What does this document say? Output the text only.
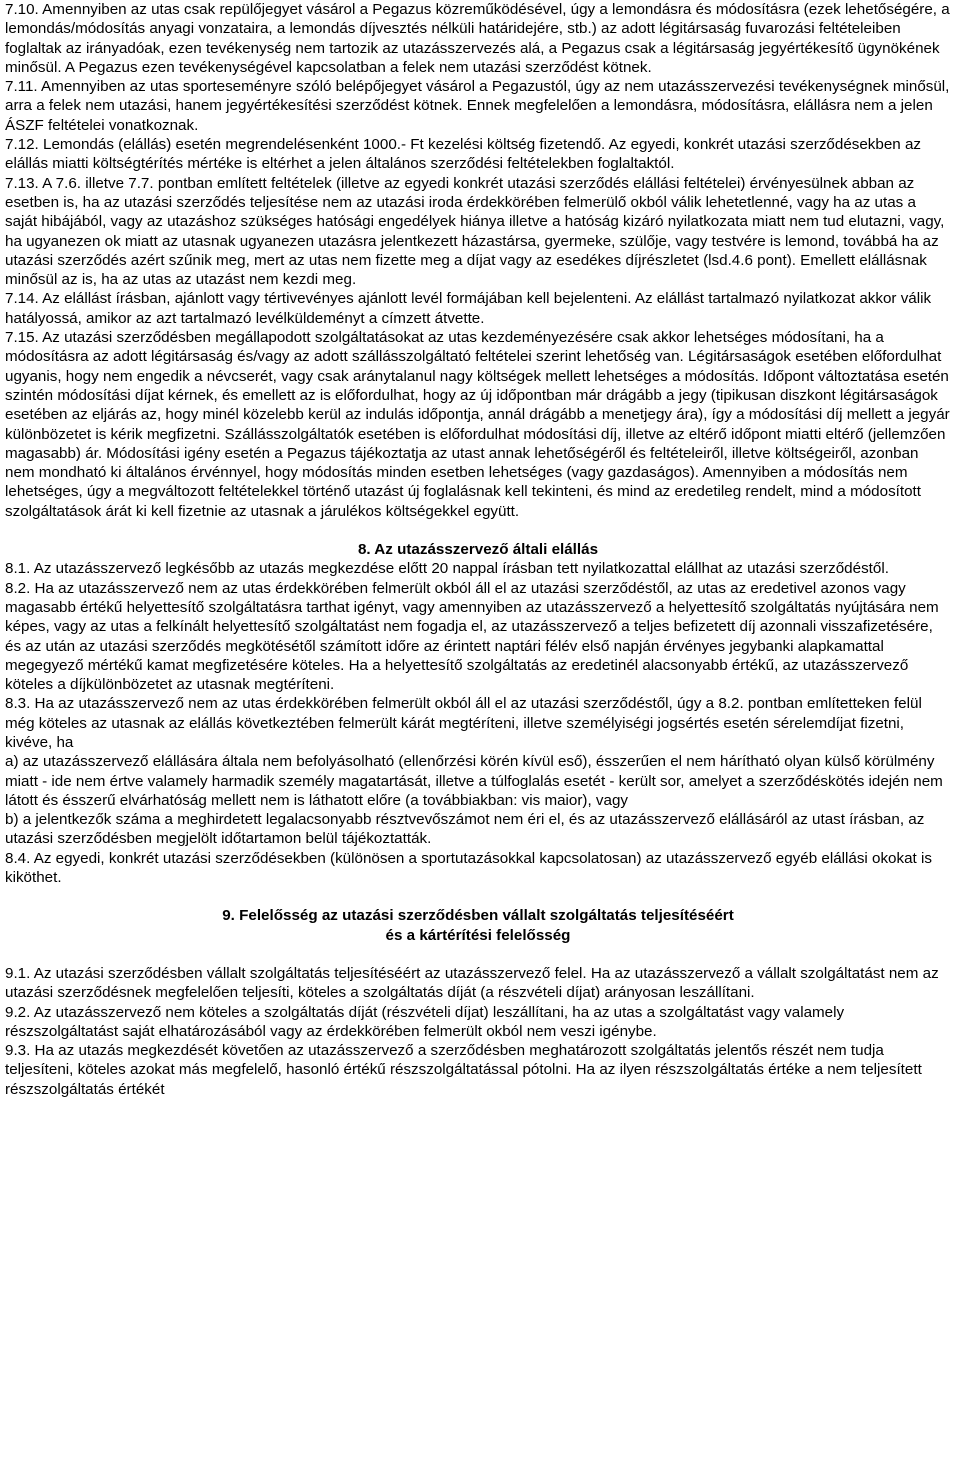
7.10. Amennyiben az utas csak repülőjegyet vásárol a Pegazus közreműködésével, úgy a lemondásra és módosításra (ezek lehetőségére, a lemondás/módosítás anyagi vonzataira, a lemondás díjvesztés nélküli határidejére, stb.) az adott légitársaság fuvarozási feltételeiben foglaltak az irányadóak, ezen tevékenység nem tartozik az utazásszervezés alá, a Pegazus csak a légitársaság jegyértékesítő ügynökének minősül. A Pegazus ezen tevékenységével kapcsolatban a felek nem utazási szerződést kötnek.

7.11. Amennyiben az utas sporteseményre szóló belépőjegyet vásárol a Pegazustól, úgy az nem utazásszervezési tevékenységnek minősül, arra a felek nem utazási, hanem jegyértékesítési szerződést kötnek. Ennek megfelelően a lemondásra, módosításra, elállásra nem a jelen ÁSZF feltételei vonatkoznak.

7.12. Lemondás (elállás) esetén megrendelésenként 1000.- Ft kezelési költség fizetendő. Az egyedi, konkrét utazási szerződésekben az elállás miatti költségtérítés mértéke is eltérhet a jelen általános szerződési feltételekben foglaltaktól.

7.13. A 7.6. illetve 7.7. pontban említett feltételek (illetve az egyedi konkrét utazási szerződés elállási feltételei) érvényesülnek abban az esetben is, ha az utazási szerződés teljesítése nem az utazási iroda érdekkörében felmerülő okból válik lehetetlenné, vagy ha az utas a saját hibájából, vagy az utazáshoz szükséges hatósági engedélyek hiánya illetve a hatóság kizáró nyilatkozata miatt nem tud elutazni, vagy, ha ugyanezen ok miatt az utasnak ugyanezen utazásra jelentkezett házastársa, gyermeke, szülője, vagy testvére is lemond, továbbá ha az utazási szerződés azért szűnik meg, mert az utas nem fizette meg a díjat vagy az esedékes díjrészletet (lsd.4.6 pont). Emellett elállásnak minősül az is, ha az utas az utazást nem kezdi meg.

7.14. Az elállást írásban, ajánlott vagy tértivevényes ajánlott levél formájában kell bejelenteni. Az elállást tartalmazó nyilatkozat akkor válik hatályossá, amikor az azt tartalmazó levélküldeményt a címzett átvette.

7.15. Az utazási szerződésben megállapodott szolgáltatásokat az utas kezdeményezésére csak akkor lehetséges módosítani, ha a módosításra az adott légitársaság és/vagy az adott szállásszolgáltató feltételei szerint lehetőség van. Légitársaságok esetében előfordulhat ugyanis, hogy nem engedik a névcserét, vagy csak aránytalanul nagy költségek mellett lehetséges a módosítás. Időpont változtatása esetén szintén módosítási díjat kérnek, és emellett az is előfordulhat, hogy az új időpontban már drágább a jegy (tipikusan diszkont légitársaságok esetében az eljárás az, hogy minél közelebb kerül az indulás időpontja, annál drágább a menetjegy ára), így a módosítási díj mellett a jegyár különbözetet is kérik megfizetni. Szállásszolgáltatók esetében is előfordulhat módosítási díj, illetve az eltérő időpont miatti eltérő (jellemzően magasabb) ár. Módosítási igény esetén a Pegazus tájékoztatja az utast annak lehetőségéről és feltételeiről, illetve költségeiről, azonban nem mondható ki általános érvénnyel, hogy módosítás minden esetben lehetséges (vagy gazdaságos). Amennyiben a módosítás nem lehetséges, úgy a megváltozott feltételekkel történő utazást új foglalásnak kell tekinteni, és mind az eredetileg rendelt, mind a módosított szolgáltatások árát ki kell fizetnie az utasnak a járulékos költségekkel együtt.

8. Az utazásszervező általi elállás

8.1. Az utazásszervező legkésőbb az utazás megkezdése előtt 20 nappal írásban tett nyilatkozattal elállhat az utazási szerződéstől.

8.2. Ha az utazásszervező nem az utas érdekkörében felmerült okból áll el az utazási szerződéstől, az utas az eredetivel azonos vagy magasabb értékű helyettesítő szolgáltatásra tarthat igényt, vagy amennyiben az utazásszervező a helyettesítő szolgáltatás nyújtására nem képes, vagy az utas a felkínált helyettesítő szolgáltatást nem fogadja el, az utazásszervező a teljes befizetett díj azonnali visszafizetésére, és az után az utazási szerződés megkötésétől számított időre az érintett naptári félév első napján érvényes jegybanki alapkamattal megegyező mértékű kamat megfizetésére köteles. Ha a helyettesítő szolgáltatás az eredetinél alacsonyabb értékű, az utazásszervező köteles a díjkülönbözetet az utasnak megtéríteni.

8.3. Ha az utazásszervező nem az utas érdekkörében felmerült okból áll el az utazási szerződéstől, úgy a 8.2. pontban említetteken felül még köteles az utasnak az elállás következtében felmerült kárát megtéríteni, illetve személyiségi jogsértés esetén sérelemdíjat fizetni, kivéve, ha

a) az utazásszervező elállására általa nem befolyásolható (ellenőrzési körén kívül eső), ésszerűen el nem hárítható olyan külső körülmény miatt - ide nem értve valamely harmadik személy magatartását, illetve a túlfoglalás esetét - került sor, amelyet a szerződéskötés idején nem látott és ésszerű elvárhatóság mellett nem is láthatott előre (a továbbiakban: vis maior), vagy

b) a jelentkezők száma a meghirdetett legalacsonyabb résztvevőszámot nem éri el, és az utazásszervező elállásáról az utast írásban, az utazási szerződésben megjelölt időtartamon belül tájékoztatták.

8.4. Az egyedi, konkrét utazási szerződésekben (különösen a sportutazásokkal kapcsolatosan) az utazásszervező egyéb elállási okokat is kiköthet.

9. Felelősség az utazási szerződésben vállalt szolgáltatás teljesítéséért

és a kártérítési felelősség

9.1. Az utazási szerződésben vállalt szolgáltatás teljesítéséért az utazásszervező felel. Ha az utazásszervező a vállalt szolgáltatást nem az utazási szerződésnek megfelelően teljesíti, köteles a szolgáltatás díját (a részvételi díjat) arányosan leszállítani.

9.2. Az utazásszervező nem köteles a szolgáltatás díját (részvételi díjat) leszállítani, ha az utas a szolgáltatást vagy valamely részszolgáltatást saját elhatározásából vagy az érdekkörében felmerült okból nem veszi igénybe.

9.3. Ha az utazás megkezdését követően az utazásszervező a szerződésben meghatározott szolgáltatás jelentős részét nem tudja teljesíteni, köteles azokat más megfelelő, hasonló értékű részszolgáltatással pótolni. Ha az ilyen részszolgáltatás értéke a nem teljesített részszolgáltatás értékét
